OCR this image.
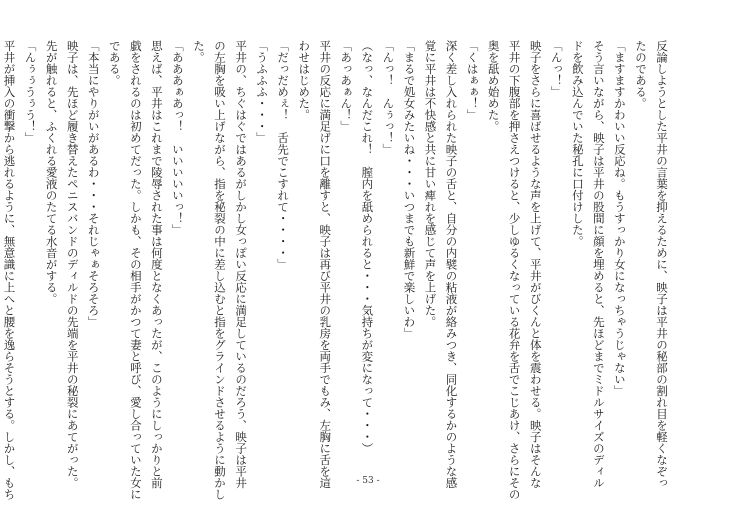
反論しようとした平井の言葉を抑えるために、映子は平井の秘部の割れ目を軽くなぞっ

たのである。

「ますますかわいい反応ね。もうすっかり女になっちゃうじゃない」

そう言いながら、映子は平井の股間に顔を埋めると、先ほどまでミドルサイズのディル

ドを飲み込んでいた秘孔に口付けした。

「んっ！」

映子をさらに喜ばせるような声を上げて、平井がびくんと体を震わせる。映子はそんな

平井の下腹部を押さえつけると、少しゆるくなっている花弁を舌でこじあけ、さらにその

奥を舐め始めた。

「くはぁぁ！」

深く差し入れられた映子の舌と、自分の内襞の粘液が絡みつき、同化するかのような感

覚に平井は不快感と共に甘い痺れを感じて声を上げた。

「まるで処女みたいね・・・いつまでも新鮮で楽しいわ」

「んっ！　んぅっ！」

（なっ、なんだこれ！　膣内を舐められると・・・気持ちが変になって・・・）

「あっあぁん！」

平井の反応に満足げに口を離すと、映子は再び平井の乳房を両手でもみ、左胸に舌を這

わせはじめた。

「だっだめぇ！　舌先でこすれて・・・・」

「うふふふ・・・」

平井の、ちぐはぐではあるがしかし女っぽい反応に満足しているのだろう、映子は平井

の左胸を吸い上げながら、指を秘裂の中に差し込むと指をグラインドさせるように動かし

た。

「あああぁあっ！　いいいいいっ！」

思えば、平井はこれまで陵辱された事は何度となくあったが、このようにしっかりと前

戯をされるのは初めてだった。しかも、その相手がかつて妻と呼び、愛し合っていた女に

である。

「本当にやりがいがあるわ・・・それじゃぁそろそろ」

映子は、先ほど履き替えたペニスバンドのディルドの先端を平井の秘裂にあてがった。

先が触れると、ふくれる愛液のたてる水音がする。

「んぅぅうぅう！」

平井が挿入の衝撃から逃れるように、無意識に上へと腰を逸らそうとする。しかし、もち	- 53 -
